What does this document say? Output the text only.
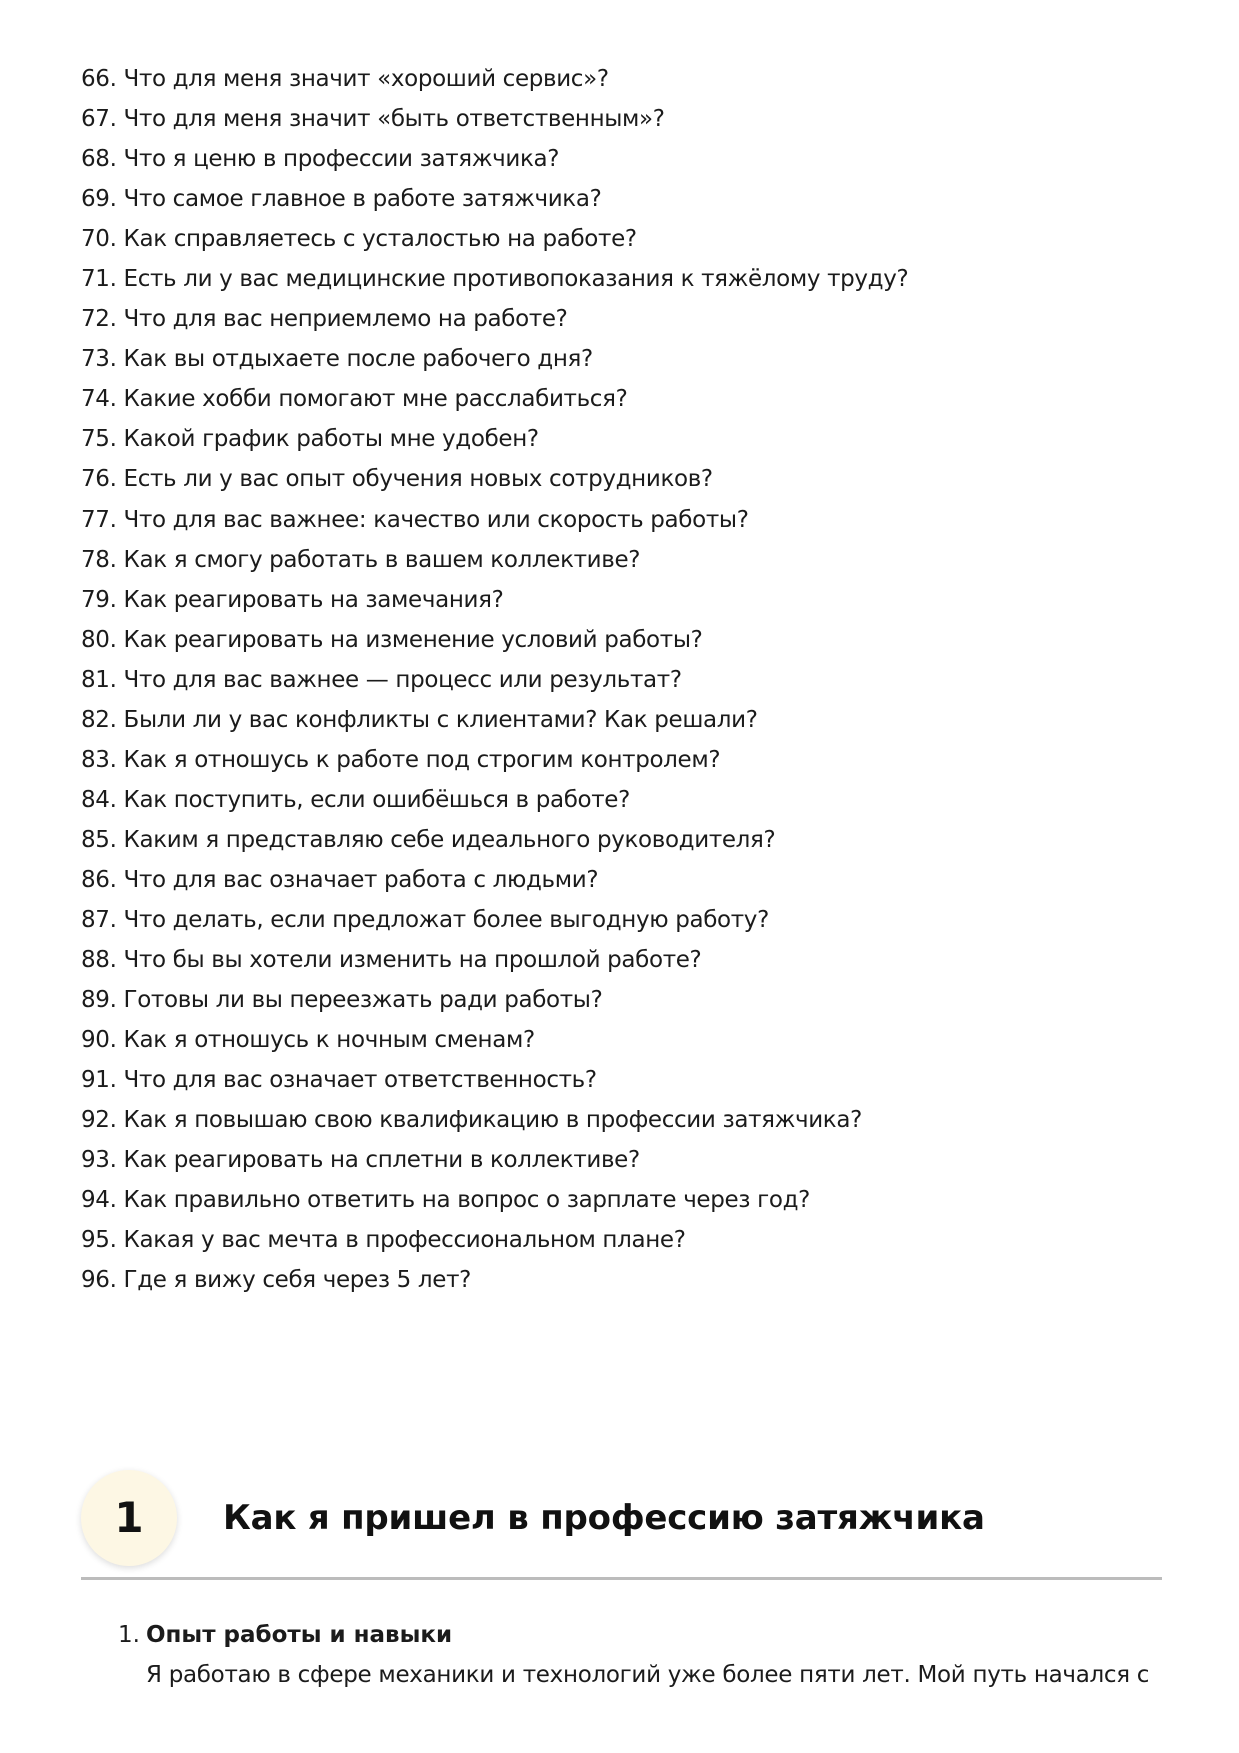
66. Что для меня значит «хороший сервис»?
67. Что для меня значит «быть ответственным»?
68. Что я ценю в профессии затяжчика?
69. Что самое главное в работе затяжчика?
70. Как справляетесь с усталостью на работе?
71. Есть ли у вас медицинские противопоказания к тяжёлому труду?
72. Что для вас неприемлемо на работе?
73. Как вы отдыхаете после рабочего дня?
74. Какие хобби помогают мне расслабиться?
75. Какой график работы мне удобен?
76. Есть ли у вас опыт обучения новых сотрудников?
77. Что для вас важнее: качество или скорость работы?
78. Как я смогу работать в вашем коллективе?
79. Как реагировать на замечания?
80. Как реагировать на изменение условий работы?
81. Что для вас важнее — процесс или результат?
82. Были ли у вас конфликты с клиентами? Как решали?
83. Как я отношусь к работе под строгим контролем?
84. Как поступить, если ошибёшься в работе?
85. Каким я представляю себе идеального руководителя?
86. Что для вас означает работа с людьми?
87. Что делать, если предложат более выгодную работу?
88. Что бы вы хотели изменить на прошлой работе?
89. Готовы ли вы переезжать ради работы?
90. Как я отношусь к ночным сменам?
91. Что для вас означает ответственность?
92. Как я повышаю свою квалификацию в профессии затяжчика?
93. Как реагировать на сплетни в коллективе?
94. Как правильно ответить на вопрос о зарплате через год?
95. Какая у вас мечта в профессиональном плане?
96. Где я вижу себя через 5 лет?
1	Как я пришел в профессию затяжчика
1. Опыт работы и навыки
Я работаю в сфере механики и технологий уже более пяти лет. Мой путь начался с
